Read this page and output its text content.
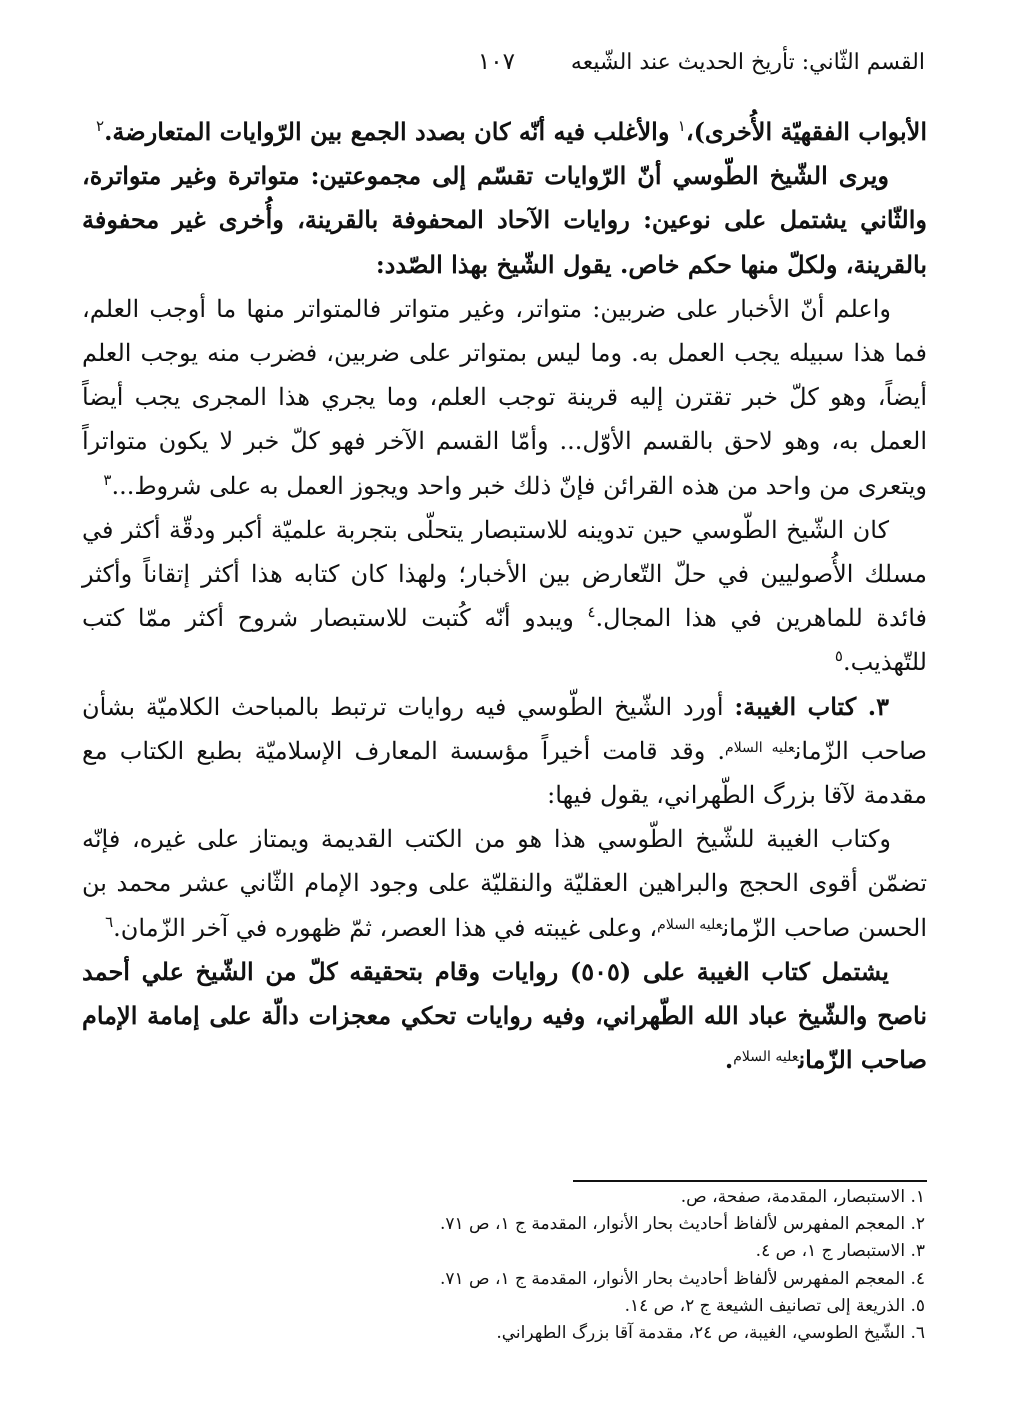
القسم الثّاني: تأريخ الحديث عند الشّيعه
١٠٧

الأبواب الفقهيّة الأُخرى)،$^١$ والأغلب فيه أنّه كان بصدد الجمع بين الرّوايات المتعارضة.$^٢$

ويرى الشّيخ الطّوسي أنّ الرّوايات تقسّم إلى مجموعتين: متواترة وغير متواترة، والثّاني يشتمل على نوعين: روايات الآحاد المحفوفة بالقرينة، وأُخرى غير محفوفة بالقرينة، ولكلّ منها حكم خاص. يقول الشّيخ بهذا الصّدد:

واعلم أنّ الأخبار على ضربين: متواتر، وغير متواتر فالمتواتر منها ما أوجب العلم، فما هذا سبيله يجب العمل به. وما ليس بمتواتر على ضربين، فضرب منه يوجب العلم أيضاً، وهو كلّ خبر تقترن إليه قرينة توجب العلم، وما يجري هذا المجرى يجب أيضاً العمل به، وهو لاحق بالقسم الأوّل... وأمّا القسم الآخر فهو كلّ خبر لا يكون متواتراً ويتعرى من واحد من هذه القرائن فإنّ ذلك خبر واحد ويجوز العمل به على شروط...$^٣$

كان الشّيخ الطّوسي حين تدوينه للاستبصار يتحلّى بتجربة علميّة أكبر ودقّة أكثر في مسلك الأُصوليين في حلّ التّعارض بين الأخبار؛ ولهذا كان كتابه هذا أكثر إتقاناً وأكثر فائدة للماهرين في هذا المجال.$^٤$ ويبدو أنّه كُتبت للاستبصار شروح أكثر ممّا كتب للتّهذيب.$^٥$

٣. كتاب الغيبة: أورد الشّيخ الطّوسي فيه روايات ترتبط بالمباحث الكلاميّة بشأن صاحب الزّمان$^{عليه السلام}$. وقد قامت أخيراً مؤسسة المعارف الإسلاميّة بطبع الكتاب مع مقدمة لآقا بزرگ الطّهراني، يقول فيها:

وكتاب الغيبة للشّيخ الطّوسي هذا هو من الكتب القديمة ويمتاز على غيره، فإنّه تضمّن أقوى الحجج والبراهين العقليّة والنقليّة على وجود الإمام الثّاني عشر محمد بن الحسن صاحب الزّمان$^{عليه السلام}$، وعلى غيبته في هذا العصر، ثمّ ظهوره في آخر الزّمان.$^٦$

يشتمل كتاب الغيبة على (٥٠٥) روايات وقام بتحقيقه كلّ من الشّيخ علي أحمد ناصح والشّيخ عباد الله الطّهراني، وفيه روايات تحكي معجزات دالّة على إمامة الإمام صاحب الزّمان$^{عليه السلام}$.

١. الاستبصار، المقدمة، صفحة، ص.
٢. المعجم المفهرس لألفاظ أحاديث بحار الأنوار، المقدمة ج ١، ص ٧١.
٣. الاستبصار ج ١، ص ٤.
٤. المعجم المفهرس لألفاظ أحاديث بحار الأنوار، المقدمة ج ١، ص ٧١.
٥. الذريعة إلى تصانيف الشيعة ج ٢، ص ١٤.
٦. الشّيخ الطوسي، الغيبة، ص ٢٤، مقدمة آقا بزرگ الطهراني.
